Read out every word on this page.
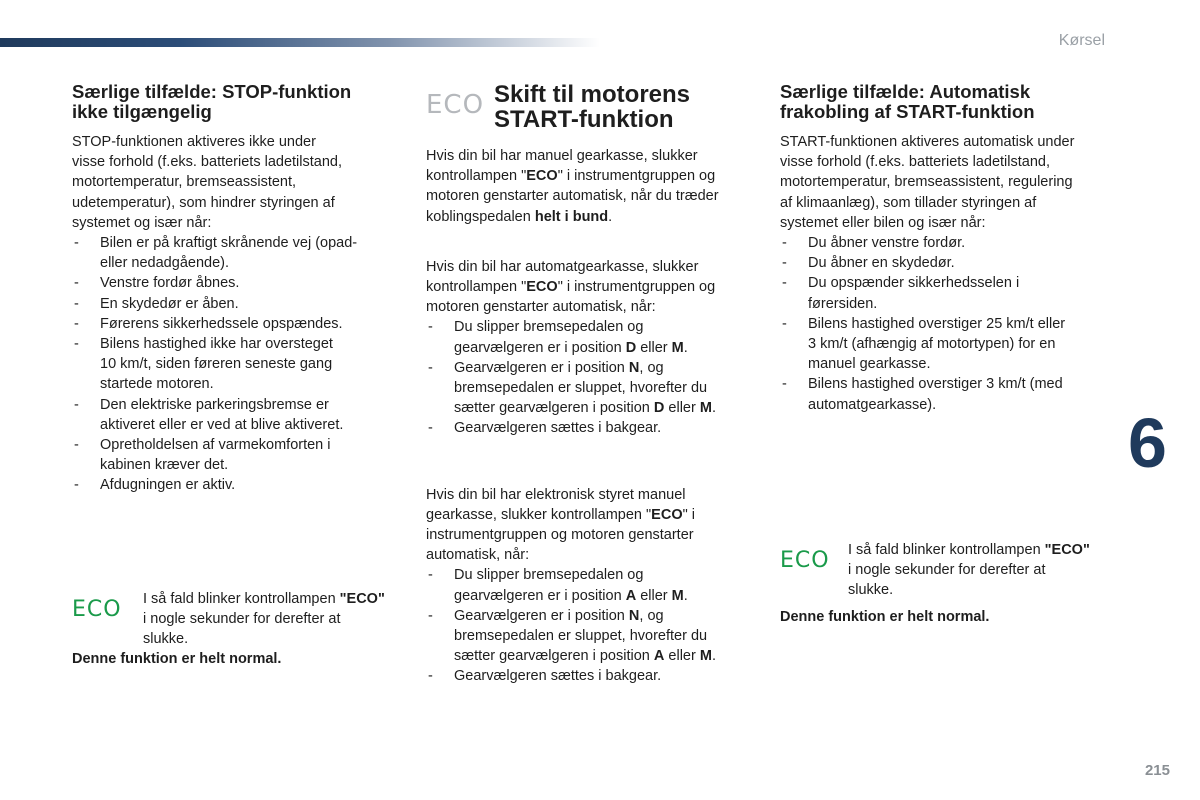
Kørsel
6
215
Særlige tilfælde: STOP-funktion
ikke tilgængelig

STOP-funktionen aktiveres ikke under
visse forhold (f.eks. batteriets ladetilstand,
motortemperatur, bremseassistent,
udetemperatur), som hindrer styringen af
systemet og især når:

- Bilen er på kraftigt skrånende vej (opad-
eller nedadgående).
- Venstre fordør åbnes.
- En skydedør er åben.
- Førerens sikkerhedssele opspændes.
- Bilens hastighed ikke har oversteget
10 km/t, siden føreren seneste gang
startede motoren.
- Den elektriske parkeringsbremse er
aktiveret eller er ved at blive aktiveret.
- Opretholdelsen af varmekomforten i
kabinen kræver det.
- Afdugningen er aktiv.
ECO I så fald blinker kontrollampen "ECO"
i nogle sekunder for derefter at
slukke.
Denne funktion er helt normal.
ECO Skift til motorens
START-funktion

Hvis din bil har manuel gearkasse, slukker
kontrollampen "ECO" i instrumentgruppen og
motoren genstarter automatisk, når du træder
koblingspedalen helt i bund.

Hvis din bil har automatgearkasse, slukker
kontrollampen "ECO" i instrumentgruppen og
motoren genstarter automatisk, når:

- Du slipper bremsepedalen og
gearvælgeren er i position D eller M.
- Gearvælgeren er i position N, og
bremsepedalen er sluppet, hvorefter du
sætter gearvælgeren i position D eller M.
- Gearvælgeren sættes i bakgear.

Hvis din bil har elektronisk styret manuel
gearkasse, slukker kontrollampen "ECO" i
instrumentgruppen og motoren genstarter
automatisk, når:

- Du slipper bremsepedalen og
gearvælgeren er i position A eller M.
- Gearvælgeren er i position N, og
bremsepedalen er sluppet, hvorefter du
sætter gearvælgeren i position A eller M.
- Gearvælgeren sættes i bakgear.
Særlige tilfælde: Automatisk
frakobling af START-funktion

START-funktionen aktiveres automatisk under
visse forhold (f.eks. batteriets ladetilstand,
motortemperatur, bremseassistent, regulering
af klimaanlæg), som tillader styringen af
systemet eller bilen og især når:

- Du åbner venstre fordør.
- Du åbner en skydedør.
- Du opspænder sikkerhedsselen i
førersiden.
- Bilens hastighed overstiger 25 km/t eller
3 km/t (afhængig af motortypen) for en
manuel gearkasse.
- Bilens hastighed overstiger 3 km/t (med
automatgearkasse).
ECO I så fald blinker kontrollampen "ECO"
i nogle sekunder for derefter at
slukke.
Denne funktion er helt normal.
